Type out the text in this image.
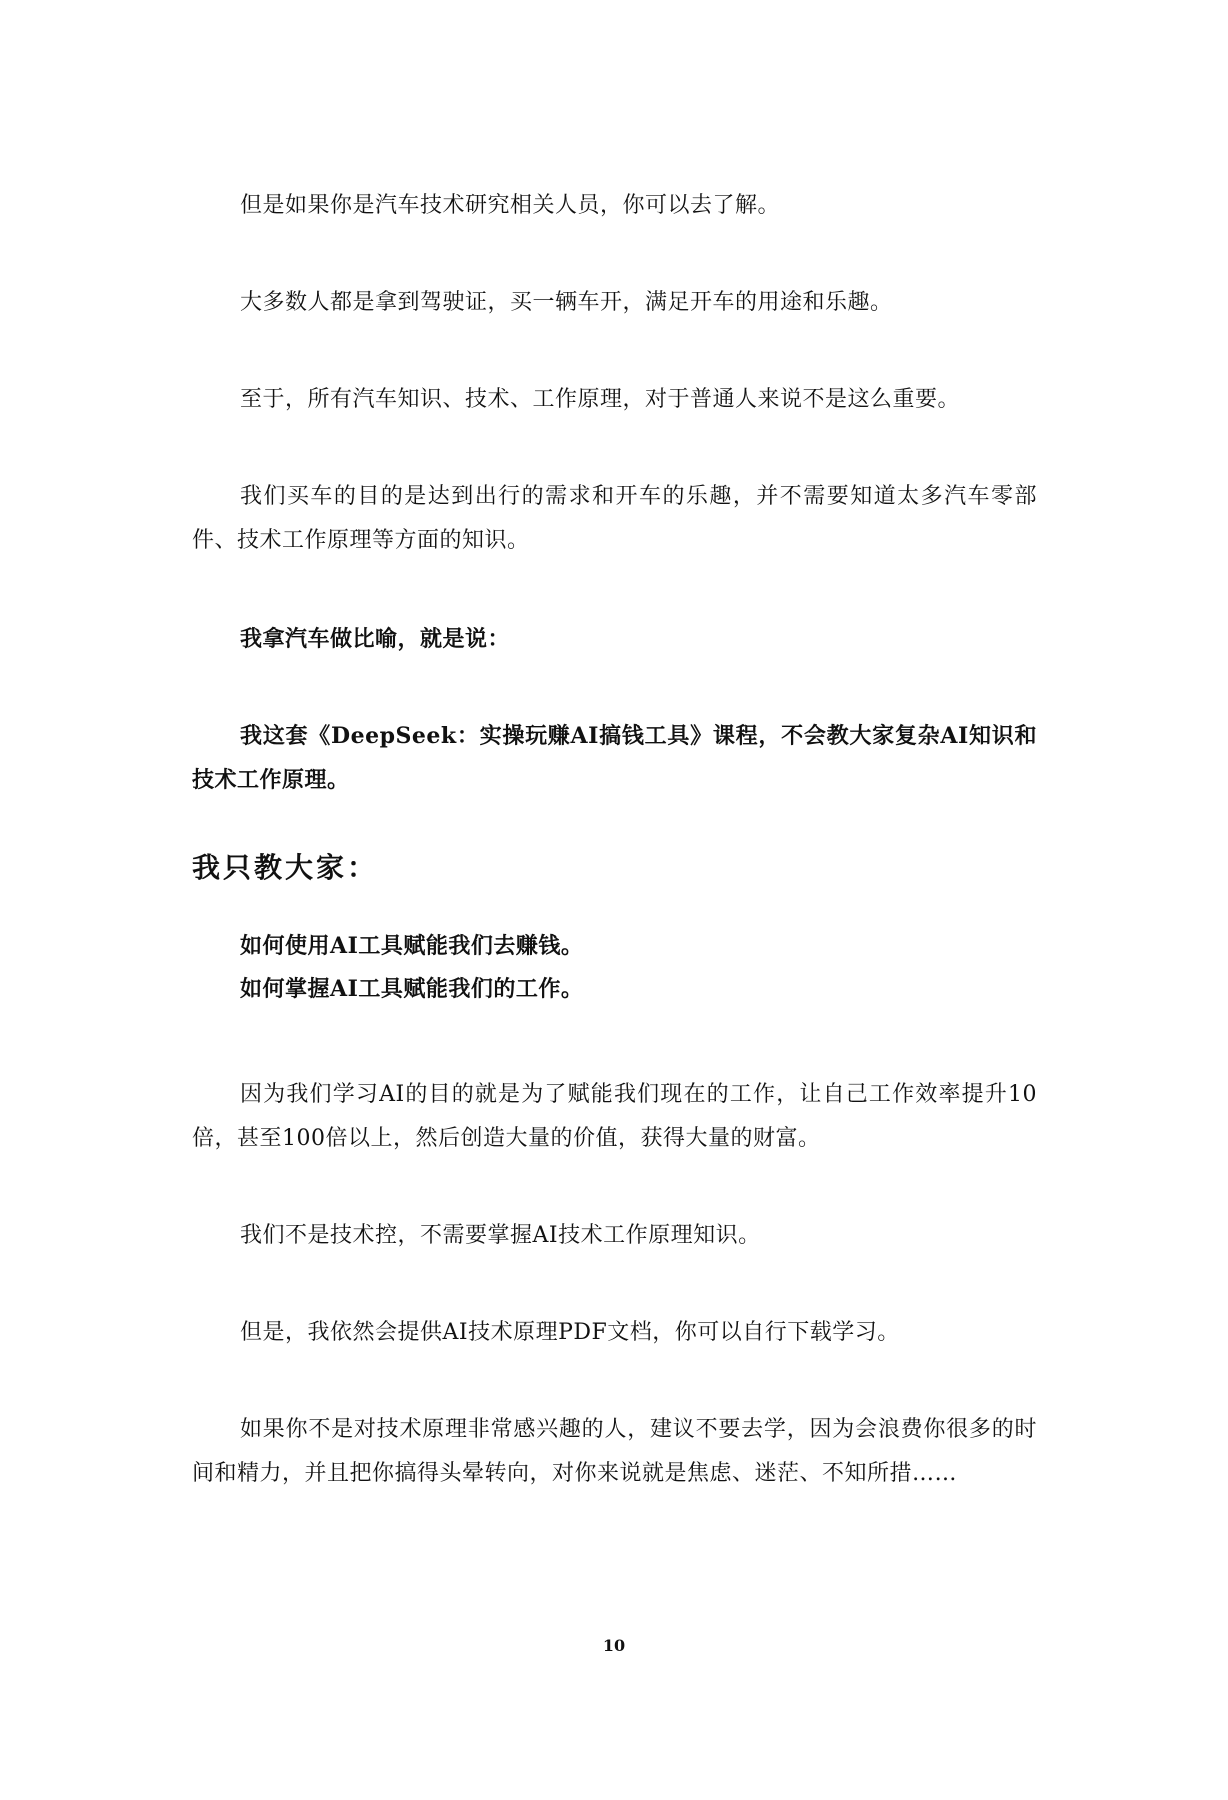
但是如果你是汽车技术研究相关人员，你可以去了解。

大多数人都是拿到驾驶证，买一辆车开，满足开车的用途和乐趣。

至于，所有汽车知识、技术、工作原理，对于普通人来说不是这么重要。

我们买车的目的是达到出行的需求和开车的乐趣，并不需要知道太多汽车零部件、技术工作原理等方面的知识。

我拿汽车做比喻，就是说：

我这套《DeepSeek：实操玩赚AI搞钱工具》课程，不会教大家复杂AI知识和技术工作原理。

我只教大家：
如何使用AI工具赋能我们去赚钱。
如何掌握AI工具赋能我们的工作。

因为我们学习AI的目的就是为了赋能我们现在的工作，让自己工作效率提升10倍，甚至100倍以上，然后创造大量的价值，获得大量的财富。

我们不是技术控，不需要掌握AI技术工作原理知识。

但是，我依然会提供AI技术原理PDF文档，你可以自行下载学习。

如果你不是对技术原理非常感兴趣的人，建议不要去学，因为会浪费你很多的时间和精力，并且把你搞得头晕转向，对你来说就是焦虑、迷茫、不知所措……

10
